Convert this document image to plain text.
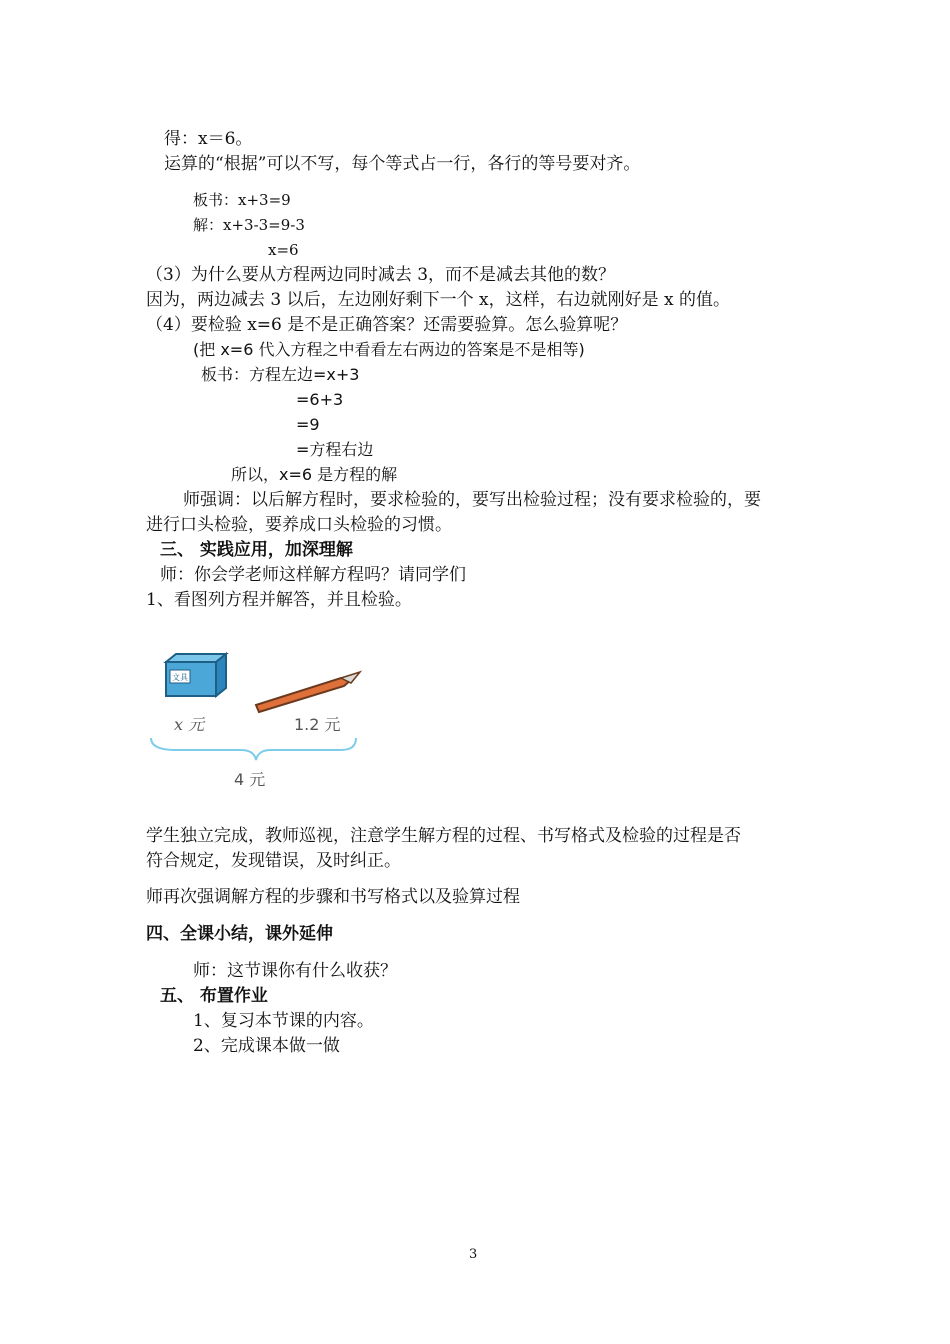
得：x＝6。
运算的“根据”可以不写，每个等式占一行，各行的等号要对齐。
板书：x+3=9
解：x+3-3=9-3
x=6
（3）为什么要从方程两边同时减去 3，而不是减去其他的数？
因为，两边减去 3 以后，左边刚好剩下一个 x，这样，右边就刚好是 x 的值。
（4）要检验 x=6 是不是正确答案？还需要验算。怎么验算呢？
(把 x=6 代入方程之中看看左右两边的答案是不是相等)
板书：方程左边=x+3
=6+3
=9
=方程右边
所以，x=6 是方程的解
师强调：以后解方程时，要求检验的，要写出检验过程；没有要求检验的，要
进行口头检验，要养成口头检验的习惯。
三、 实践应用，加深理解
师：你会学老师这样解方程吗？请同学们
1、看图列方程并解答，并且检验。
文具
x 元	1.2 元
4 元
学生独立完成，教师巡视，注意学生解方程的过程、书写格式及检验的过程是否
符合规定，发现错误，及时纠正。
师再次强调解方程的步骤和书写格式以及验算过程
四、全课小结，课外延伸
师：这节课你有什么收获？
五、 布置作业
1、复习本节课的内容。
2、完成课本做一做
3
